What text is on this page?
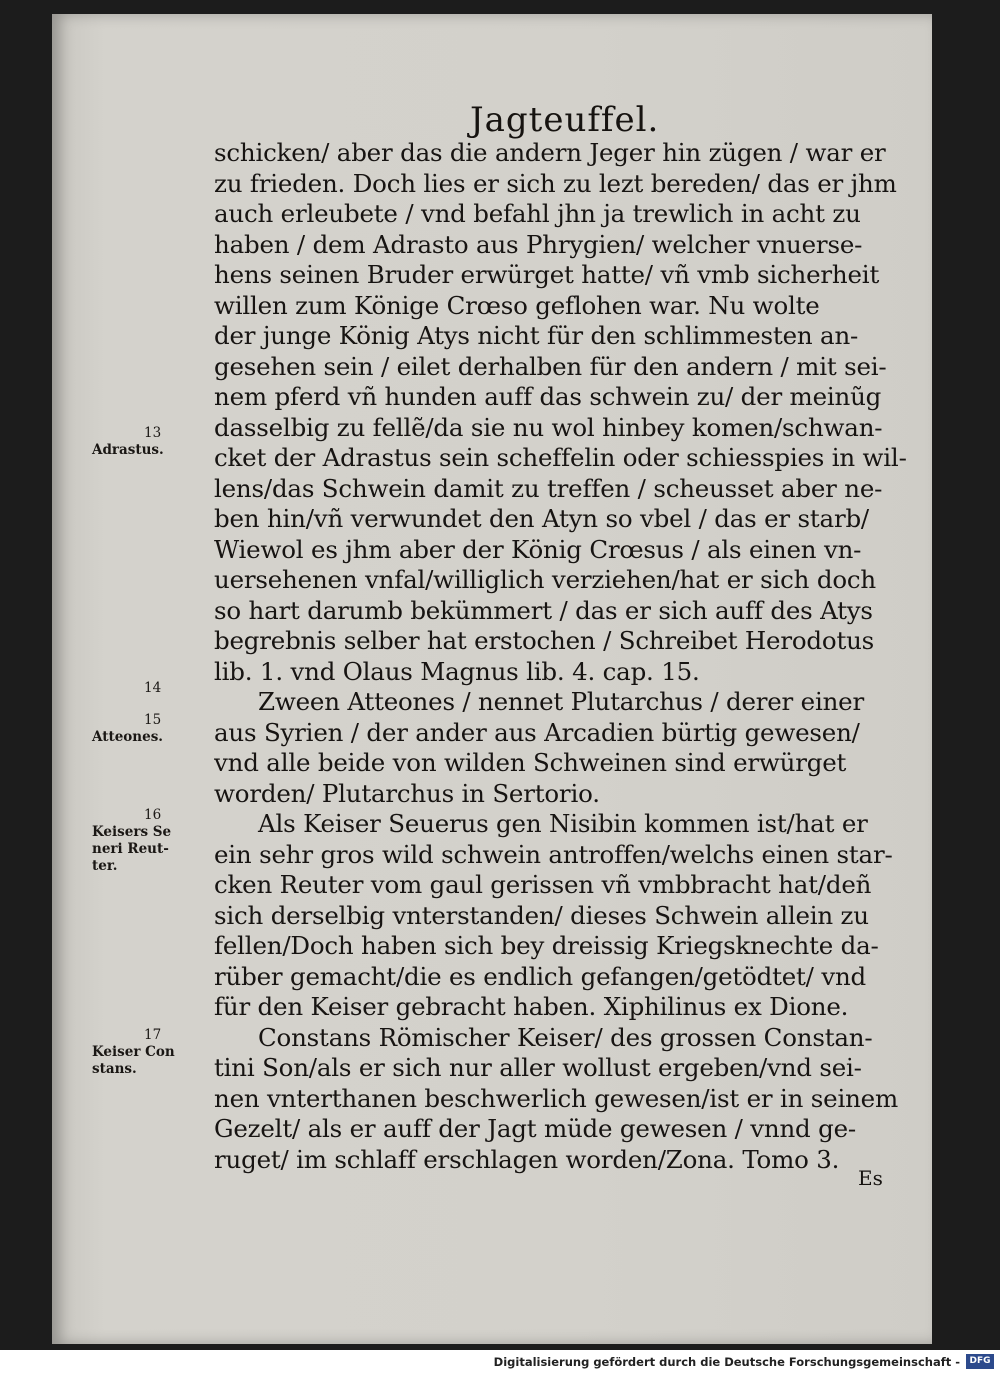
Jagteuffel.
schicken/ aber das die andern Jeger hin zügen / war er
zu frieden. Doch lies er sich zu lezt bereden/ das er jhm
auch erleubete / vnd befahl jhn ja trewlich in acht zu
haben / dem Adrasto aus Phrygien/ welcher vnuerse-
hens seinen Bruder erwürget hatte/ vñ vmb sicherheit
willen zum Könige Crœso geflohen war. Nu wolte
der junge König Atys nicht für den schlimmesten an-
gesehen sein / eilet derhalben für den andern / mit sei-
nem pferd vñ hunden auff das schwein zu/ der meinũg
dasselbig zu fellẽ/da sie nu wol hinbey komen/schwan-
cket der Adrastus sein scheffelin oder schiesspies in wil-
lens/das Schwein damit zu treffen / scheusset aber ne-
ben hin/vñ verwundet den Atyn so vbel / das er starb/
Wiewol es jhm aber der König Crœsus / als einen vn-
uersehenen vnfal/williglich verziehen/hat er sich doch
so hart darumb bekümmert / das er sich auff des Atys
begrebnis selber hat erstochen / Schreibet Herodotus
lib. 1. vnd Olaus Magnus lib. 4. cap. 15.
Zween Atteones / nennet Plutarchus / derer einer
aus Syrien / der ander aus Arcadien bürtig gewesen/
vnd alle beide von wilden Schweinen sind erwürget
worden/ Plutarchus in Sertorio.
Als Keiser Seuerus gen Nisibin kommen ist/hat er
ein sehr gros wild schwein antroffen/welchs einen star-
cken Reuter vom gaul gerissen vñ vmbbracht hat/deñ
sich derselbig vnterstanden/ dieses Schwein allein zu
fellen/Doch haben sich bey dreissig Kriegsknechte da-
rüber gemacht/die es endlich gefangen/getödtet/ vnd
für den Keiser gebracht haben. Xiphilinus ex Dione.
Constans Römischer Keiser/ des grossen Constan-
tini Son/als er sich nur aller wollust ergeben/vnd sei-
nen vnterthanen beschwerlich gewesen/ist er in seinem
Gezelt/ als er auff der Jagt müde gewesen / vnnd ge-
ruget/ im schlaff erschlagen worden/Zona. Tomo 3.
13
Adrastus.
14
15
Atteones.
16
Keisers Se
neri Reut-
ter.
17
Keiser Con
stans.
Es
Digitalisierung gefördert durch die Deutsche Forschungsgemeinschaft -	DFG
